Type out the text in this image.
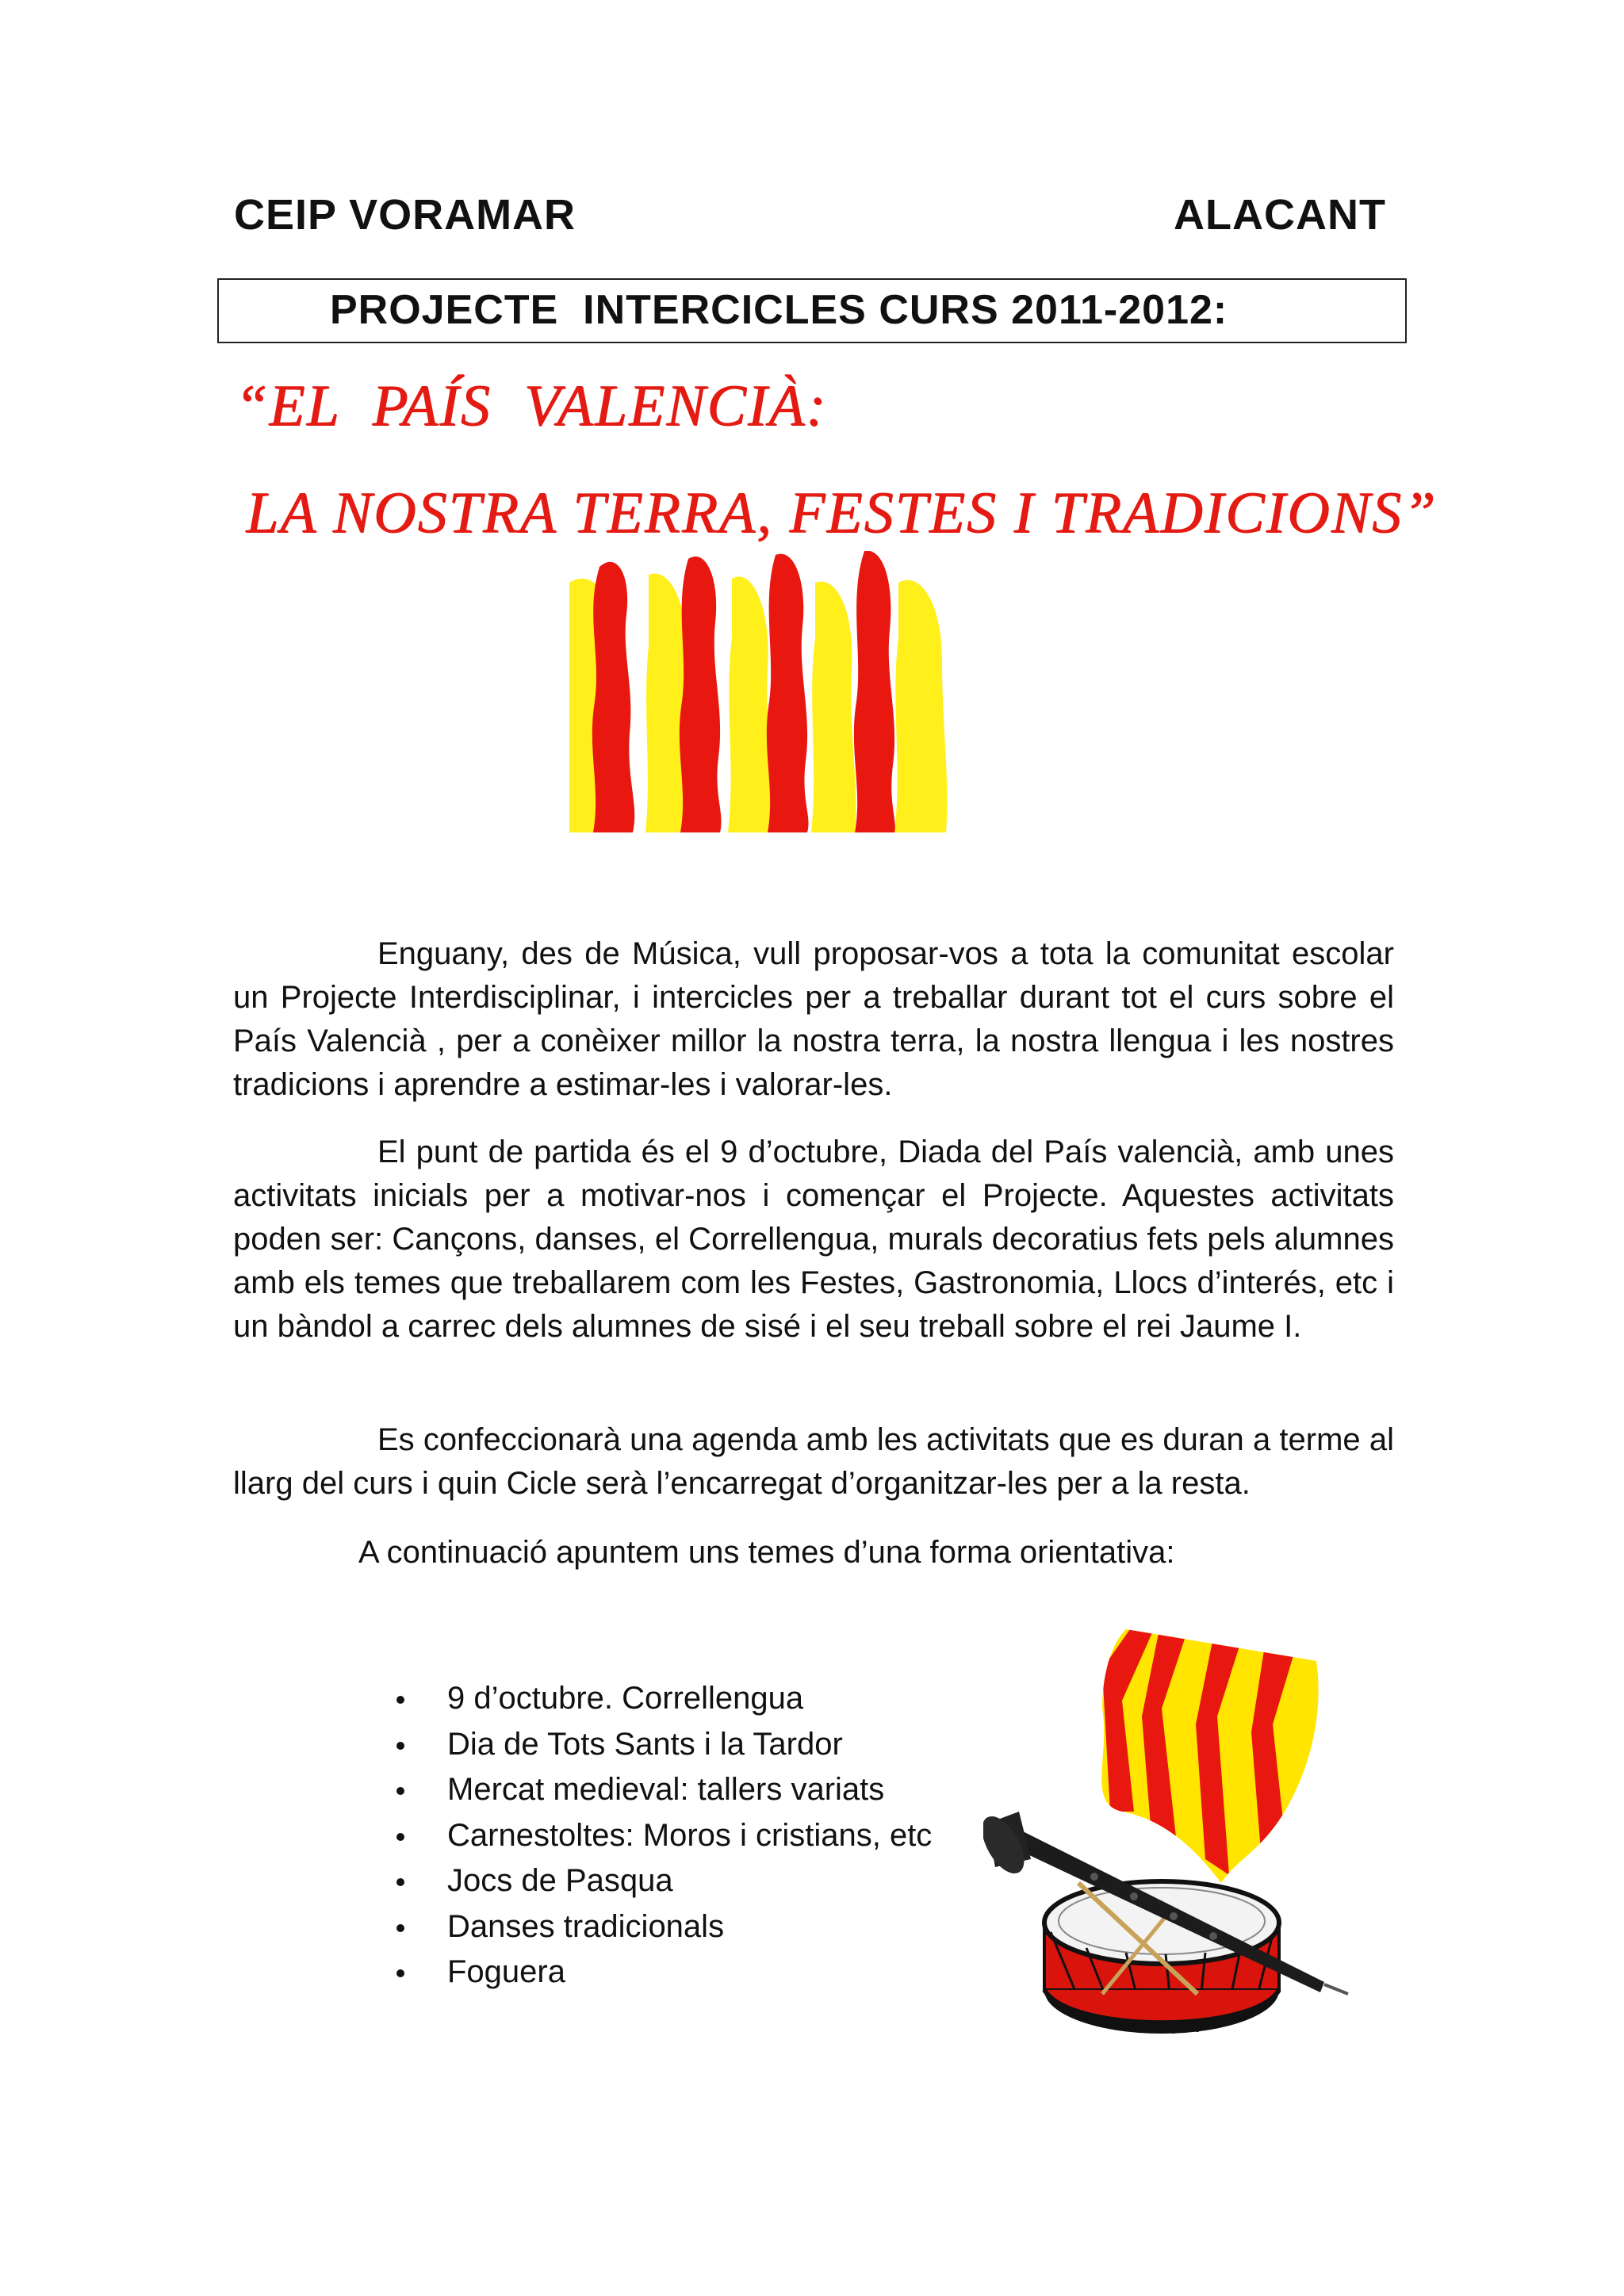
CEIP VORAMAR	ALACANT
PROJECTE  INTERCICLES CURS 2011-2012:
“EL  PAÍS  VALENCIÀ:
LA NOSTRA TERRA, FESTES I TRADICIONS”

Enguany, des de Música, vull proposar-vos a tota la comunitat escolar un Projecte Interdisciplinar, i intercicles per a treballar durant tot el curs sobre el País Valencià , per a conèixer millor la nostra terra, la nostra llengua i les nostres tradicions i aprendre a estimar-les i valorar-les.

El punt de partida és el 9 d’octubre, Diada del País valencià, amb unes activitats inicials per a motivar-nos i començar el Projecte. Aquestes activitats poden ser: Cançons, danses, el Correllengua, murals decoratius fets pels alumnes amb els temes que treballarem com les Festes, Gastronomia, Llocs d’interés, etc i un bàndol a carrec dels alumnes de sisé i el seu treball sobre el rei Jaume I.

Es confeccionarà una agenda amb les activitats que es duran a terme al llarg del curs i quin Cicle serà l’encarregat d’organitzar-les per a la resta.

A continuació apuntem uns temes d’una forma orientativa:

9 d’octubre. Correllengua
Dia de Tots Sants i la Tardor
Mercat medieval: tallers variats
Carnestoltes: Moros i cristians, etc
Jocs de Pasqua
Danses tradicionals
Foguera
